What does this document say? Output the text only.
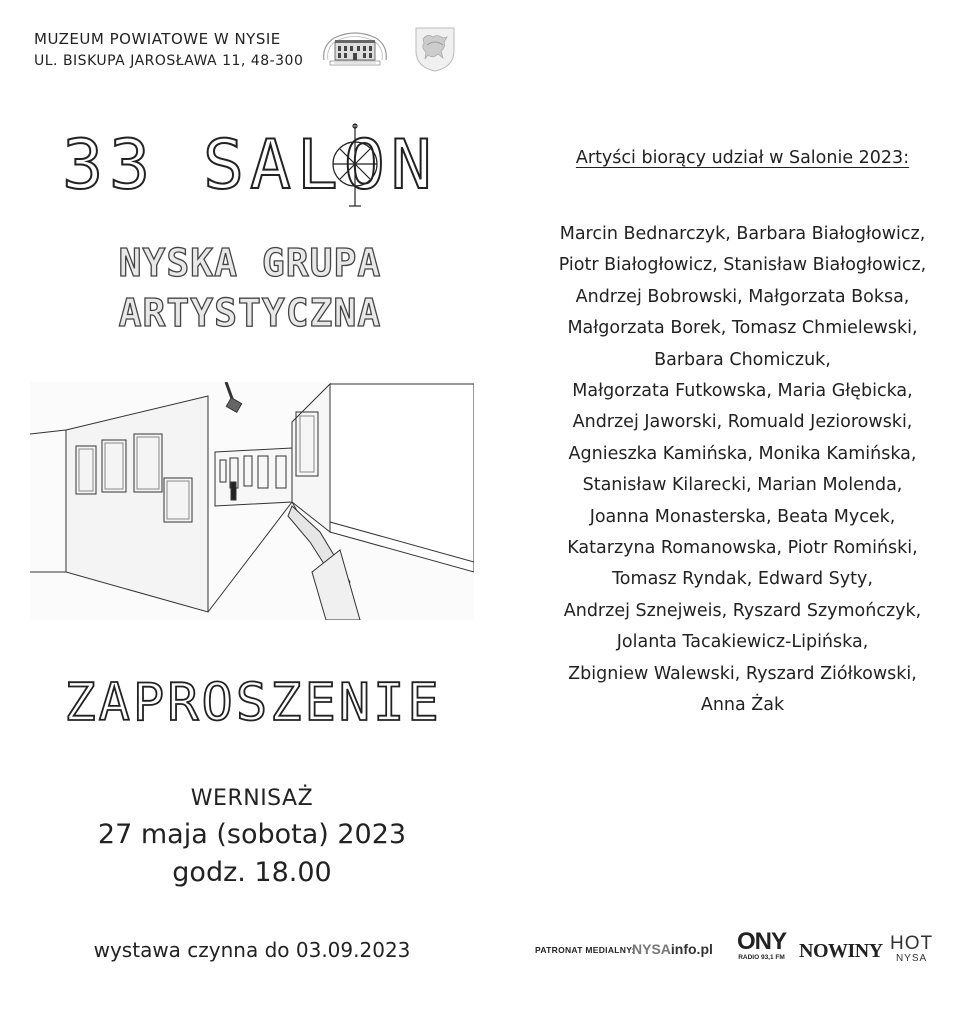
MUZEUM POWIATOWE W NYSIE
UL. BISKUPA JAROSŁAWA 11, 48-300
33 SALON
NYSKA GRUPA
ARTYSTYCZNA
ZAPROSZENIE
WERNISAŻ
27 maja (sobota) 2023
godz. 18.00
wystawa czynna do 03.09.2023
Artyści biorący udział w Salonie 2023:
Marcin Bednarczyk, Barbara Białogłowicz,
Piotr Białogłowicz, Stanisław Białogłowicz,
Andrzej Bobrowski, Małgorzata Boksa,
Małgorzata Borek, Tomasz Chmielewski,
Barbara Chomiczuk,
Małgorzata Futkowska, Maria Głębicka,
Andrzej Jaworski, Romuald Jeziorowski,
Agnieszka Kamińska, Monika Kamińska,
Stanisław Kilarecki, Marian Molenda,
Joanna Monasterska, Beata Mycek,
Katarzyna Romanowska, Piotr Romiński,
Tomasz Ryndak, Edward Syty,
Andrzej Sznejweis, Ryszard Szymończyk,
Jolanta Tacakiewicz-Lipińska,
Zbigniew Walewski, Ryszard Ziółkowski,
Anna Żak
PATRONAT MEDIALNY:
NYSAinfo.pl ONY
RADIO 93,1 FM NOWINY HOT
NYSA
